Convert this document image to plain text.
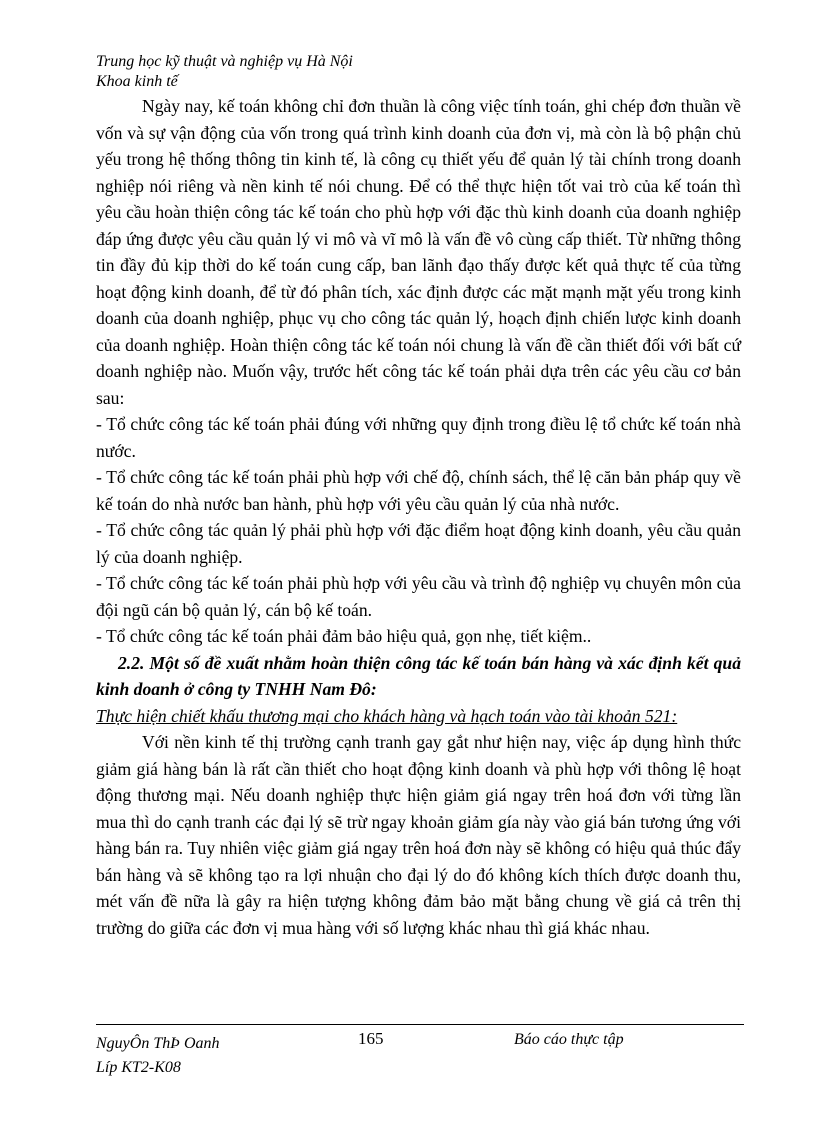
Trung học kỹ thuật và nghiệp vụ Hà Nội
Khoa kinh tế

Ngày nay, kế toán không chỉ đơn thuần là công việc tính toán, ghi chép đơn thuần về vốn và sự vận động của vốn trong quá trình kinh doanh của đơn vị, mà còn là bộ phận chủ yếu trong hệ thống thông tin kinh tế, là công cụ thiết yếu để quản lý tài chính trong doanh nghiệp nói riêng và nền kinh tế nói chung. Để có thể thực hiện tốt vai trò của kế toán thì yêu cầu hoàn thiện công tác kế toán cho phù hợp với đặc thù kinh doanh của doanh nghiệp đáp ứng được yêu cầu quản lý vi mô và vĩ mô là vấn đề vô cùng cấp thiết. Từ những thông tin đầy đủ kịp thời do kế toán cung cấp, ban lãnh đạo thấy được kết quả thực tế của từng hoạt động kinh doanh, để từ đó phân tích, xác định được các mặt mạnh mặt yếu trong kinh doanh của doanh nghiệp, phục vụ cho công tác quản lý, hoạch định chiến lược kinh doanh của doanh nghiệp. Hoàn thiện công tác kế toán nói chung là vấn đề cần thiết đối với bất cứ doanh nghiệp nào. Muốn vậy, trước hết công tác kế toán phải dựa trên các yêu cầu cơ bản sau:

- Tổ chức công tác kế toán phải đúng với những quy định trong điều lệ tổ chức kế toán nhà nước.

- Tổ chức công tác kế toán phải phù hợp với chế độ, chính sách, thể lệ căn bản pháp quy về kế toán do nhà nước ban hành, phù hợp với yêu cầu quản lý của nhà nước.

- Tổ chức công tác quản lý phải phù hợp với đặc điểm hoạt động kinh doanh, yêu cầu quản lý của doanh nghiệp.

- Tổ chức công tác kế toán phải phù hợp với yêu cầu và trình độ nghiệp vụ chuyên môn của đội ngũ cán bộ quản lý, cán bộ kế toán.

- Tổ chức công tác kế toán phải đảm bảo hiệu quả, gọn nhẹ, tiết kiệm..

2.2. Một số đề xuất nhằm hoàn thiện công tác kế toán bán hàng và xác định kết quả kinh doanh ở công ty TNHH Nam Đô:

Thực hiện chiết khấu thương mại cho khách hàng và hạch toán vào tài khoản 521:

Với nền kinh tế thị trường cạnh tranh gay gắt như hiện nay, việc áp dụng hình thức giảm giá hàng bán là rất cần thiết cho hoạt động kinh doanh và phù hợp với thông lệ hoạt động thương mại. Nếu doanh nghiệp thực hiện giảm giá ngay trên hoá đơn với từng lần mua thì do cạnh tranh các đại lý sẽ trừ ngay khoản giảm gía này vào giá bán tương ứng với hàng bán ra. Tuy nhiên việc giảm giá ngay trên hoá đơn này sẽ không có hiệu quả thúc đẩy bán hàng và sẽ không tạo ra lợi nhuận cho đại lý do đó không kích thích được doanh thu, mét vấn đề nữa là gây ra hiện tượng không đảm bảo mặt bằng chung về giá cả trên thị trường do giữa các đơn vị mua hàng với số lượng khác nhau thì giá khác nhau.

NguyÔn ThÞ Oanh
Líp KT2-K08
165	Báo cáo thực tập
